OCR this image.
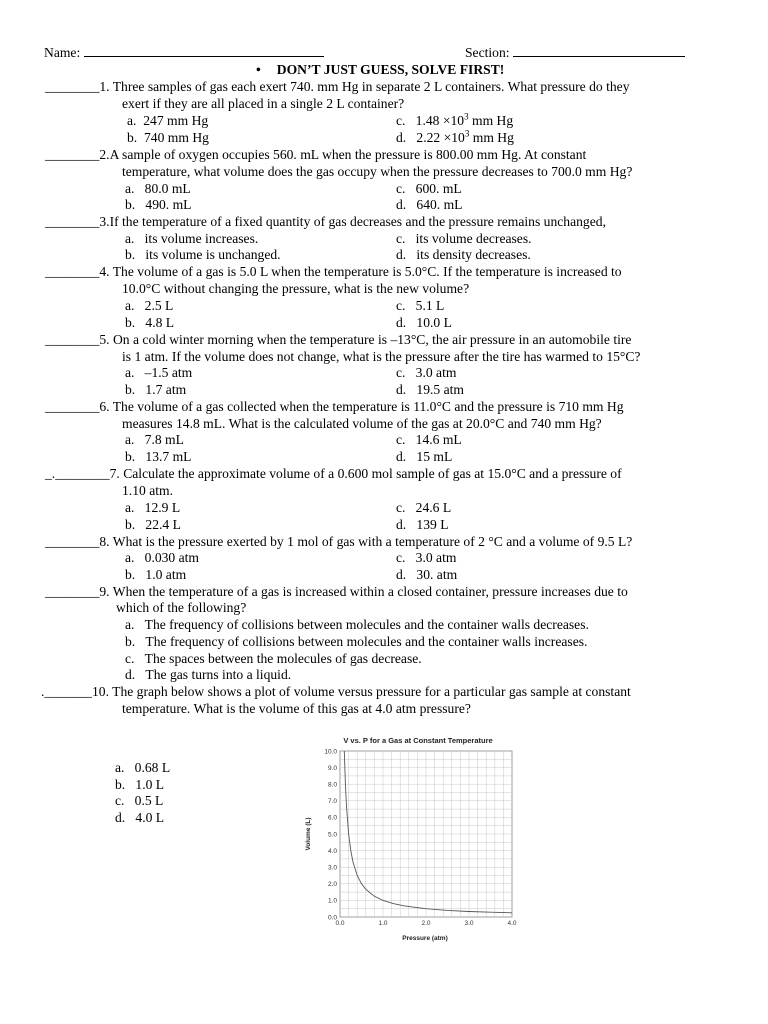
Name:	Section:
• DON’T JUST GUESS, SOLVE FIRST!
________1. Three samples of gas each exert 740. mm Hg in separate 2 L containers. What pressure do they
exert if they are all placed in a single 2 L container?
a. 247 mm Hg	c. $1.48 \times 10^3$ mm Hg
b. 740 mm Hg	d. $2.22 \times 10^3$ mm Hg
________2.A sample of oxygen occupies 560. mL when the pressure is 800.00 mm Hg. At constant
temperature, what volume does the gas occupy when the pressure decreases to 700.0 mm Hg?
a. 80.0 mL	c. 600. mL
b. 490. mL	d. 640. mL
________3.If the temperature of a fixed quantity of gas decreases and the pressure remains unchanged,
a. its volume increases.	c. its volume decreases.
b. its volume is unchanged.	d. its density decreases.
________4. The volume of a gas is 5.0 L when the temperature is 5.0°C. If the temperature is increased to
10.0°C without changing the pressure, what is the new volume?
a. 2.5 L	c. 5.1 L
b. 4.8 L	d. 10.0 L
________5. On a cold winter morning when the temperature is –13°C, the air pressure in an automobile tire
is 1 atm. If the volume does not change, what is the pressure after the tire has warmed to 15°C?
a. –1.5 atm	c. 3.0 atm
b. 1.7 atm	d. 19.5 atm
________6. The volume of a gas collected when the temperature is 11.0°C and the pressure is 710 mm Hg
measures 14.8 mL. What is the calculated volume of the gas at 20.0°C and 740 mm Hg?
a. 7.8 mL	c. 14.6 mL
b. 13.7 mL	d. 15 mL
_.________7. Calculate the approximate volume of a 0.600 mol sample of gas at 15.0°C and a pressure of
1.10 atm.
a. 12.9 L	c. 24.6 L
b. 22.4 L	d. 139 L
________8. What is the pressure exerted by 1 mol of gas with a temperature of 2 °C and a volume of 9.5 L?
a. 0.030 atm	c. 3.0 atm
b. 1.0 atm	d. 30. atm
________9. When the temperature of a gas is increased within a closed container, pressure increases due to
which of the following?
a. The frequency of collisions between molecules and the container walls decreases.
b. The frequency of collisions between molecules and the container walls increases.
c. The spaces between the molecules of gas decrease.
d. The gas turns into a liquid.
._______10. The graph below shows a plot of volume versus pressure for a particular gas sample at constant
temperature. What is the volume of this gas at 4.0 atm pressure?
a. 0.68 L
b. 1.0 L
c. 0.5 L
d. 4.0 L
V vs. P for a Gas at Constant Temperature
0.0	1.0	2.0	3.0	4.0
0.0
1.0
2.0
3.0
4.0
5.0
6.0
7.0
8.0
9.0
10.0
Pressure (atm)
Volume (L)
